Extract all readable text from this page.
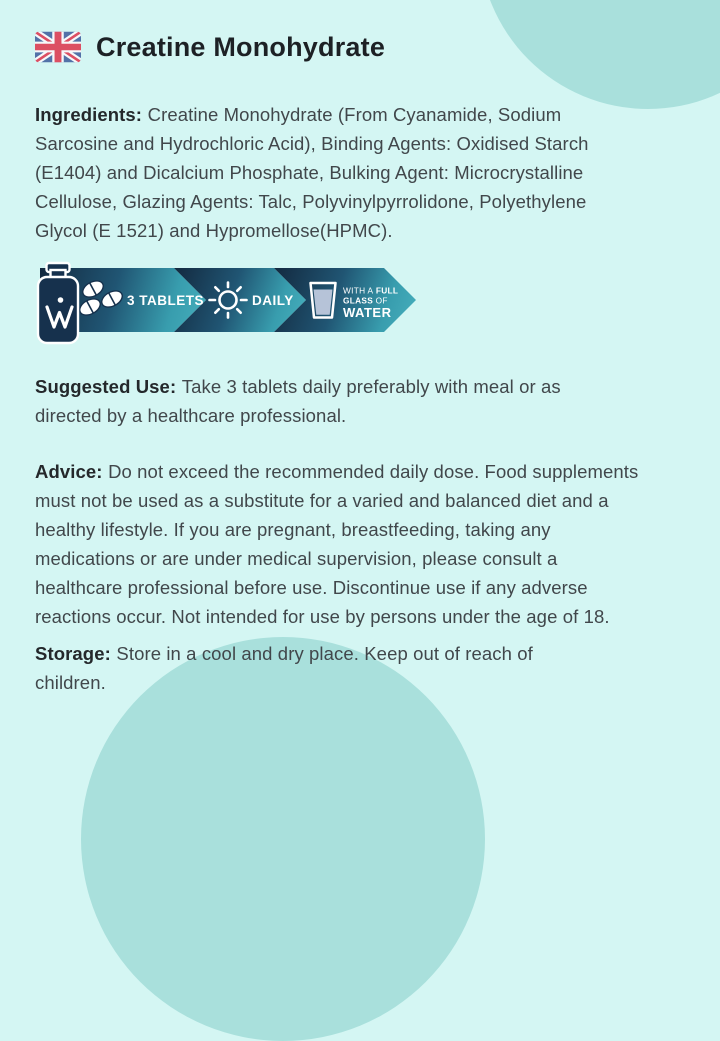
Creatine Monohydrate
Ingredients: Creatine Monohydrate (From Cyanamide, Sodium
Sarcosine and Hydrochloric Acid), Binding Agents: Oxidised Starch
(E1404) and Dicalcium Phosphate, Bulking Agent: Microcrystalline
Cellulose, Glazing Agents: Talc, Polyvinylpyrrolidone, Polyethylene
Glycol (E 1521) and Hypromellose(HPMC).
3 TABLETS	DAILY
WITH A FULL
GLASS OF
WATER
Suggested Use: Take 3 tablets daily preferably with meal or as
directed by a healthcare professional.
Advice: Do not exceed the recommended daily dose. Food supplements
must not be used as a substitute for a varied and balanced diet and a
healthy lifestyle. If you are pregnant, breastfeeding, taking any
medications or are under medical supervision, please consult a
healthcare professional before use. Discontinue use if any adverse
reactions occur. Not intended for use by persons under the age of 18.
Storage: Store in a cool and dry place. Keep out of reach of
children.
